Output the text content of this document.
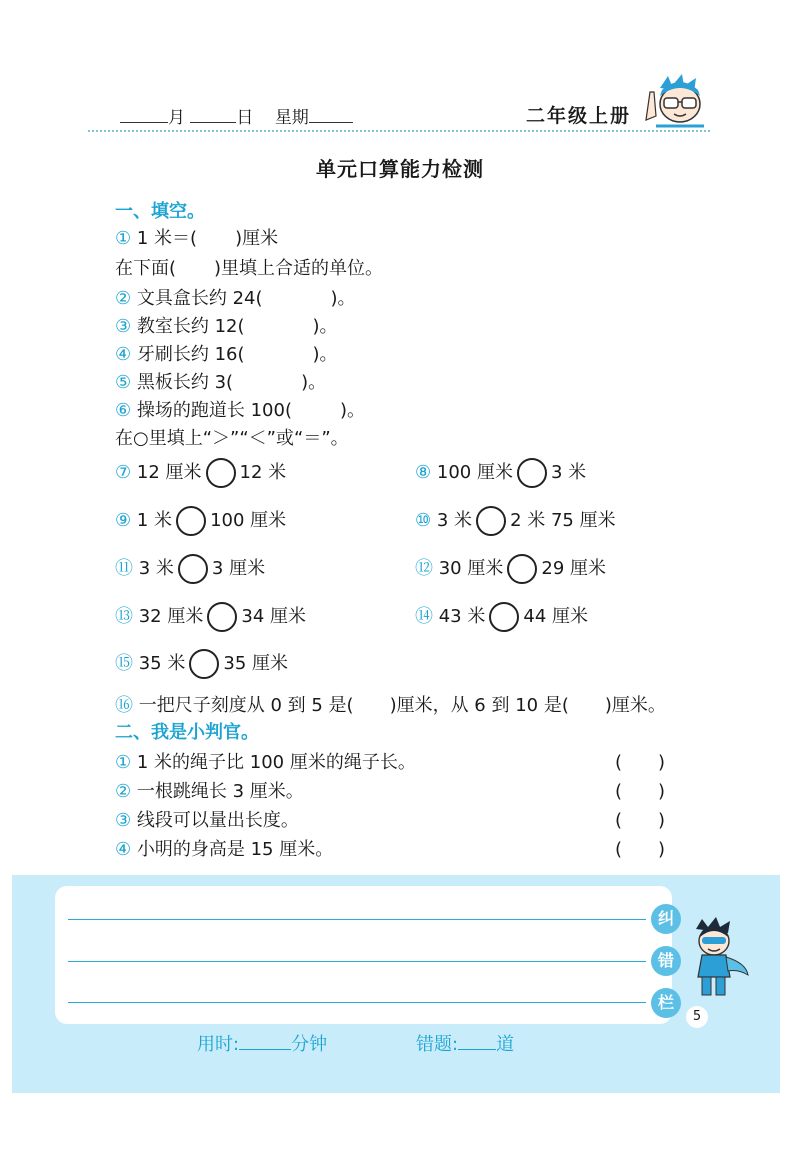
月	日 星期	二年级上册
单元口算能力检测
一、填空。
① 1 米＝( )厘米
在下面( )里填上合适的单位。
② 文具盒长约 24(	)。
③ 教室长约 12(	)。
④ 牙刷长约 16(	)。
⑤ 黑板长约 3(	)。
⑥ 操场的跑道长 100(	)。
在○里填上“＞”“＜”或“＝”。
⑦ 12 厘米 12 米	⑧ 100 厘米 3 米
⑨ 1 米 100 厘米	⑩ 3 米 2 米 75 厘米
⑪ 3 米 3 厘米	⑫ 30 厘米 29 厘米
⑬ 32 厘米 34 厘米	⑭ 43 米 44 厘米
⑮ 35 米 35 厘米
⑯ 一把尺子刻度从 0 到 5 是( )厘米，从 6 到 10 是( )厘米。
二、我是小判官。
① 1 米的绳子比 100 厘米的绳子长。	(　　)
② 一根跳绳长 3 厘米。	(　　)
③ 线段可以量出长度。	(　　)
④ 小明的身高是 15 厘米。	(　　)
纠
错
栏
5
用时:	分钟	错题: 道
